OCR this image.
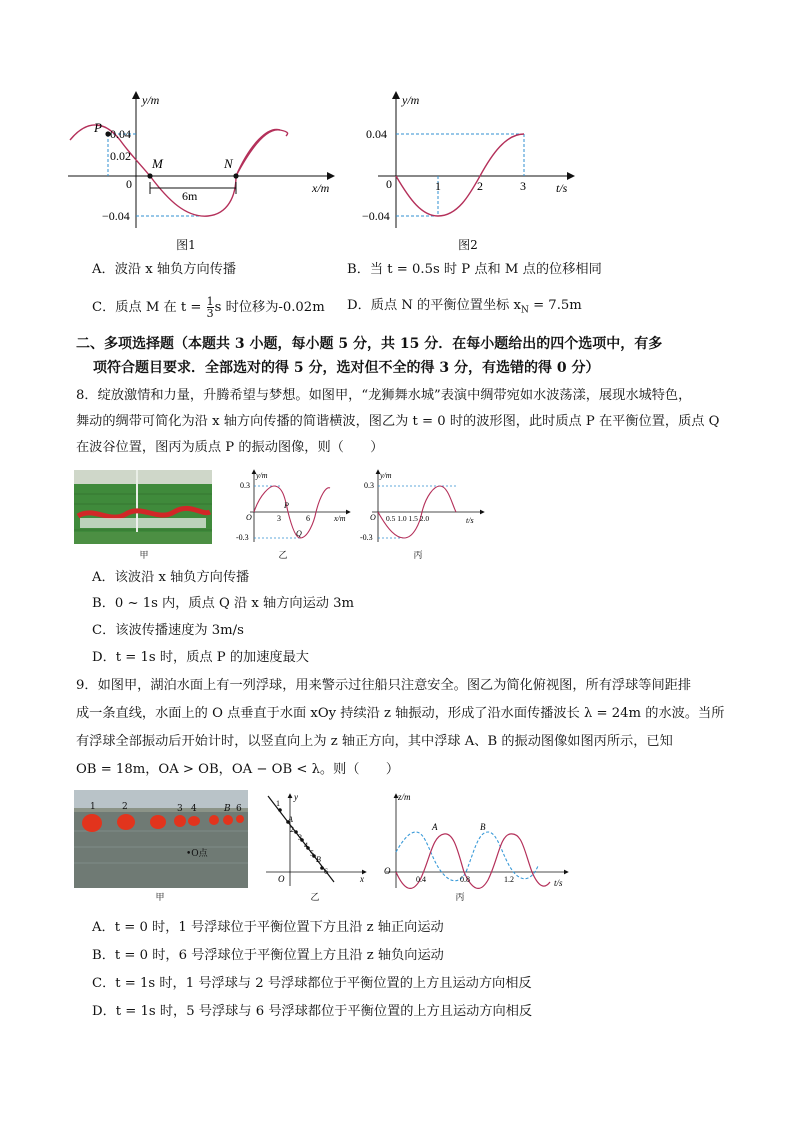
y/m
x/m
0
0.04
0.02
−0.04
P
M	N
6m
图1
y/m
t/s
0
0.04
−0.04
1	2	3
图2
A．波沿 x 轴负方向传播	B．当 t = 0.5s 时 P 点和 M 点的位移相同
C．质点 M 在 $t = \frac{1}{3}$ s 时位移为-0.02m D．质点 N 的平衡位置坐标 $x_N = 7.5m$
二、多项选择题（本题共 3 小题，每小题 5 分，共 15 分．在每小题给出的四个选项中，有多
项符合题目要求．全部选对的得 5 分，选对但不全的得 3 分，有选错的得 0 分）
8．绽放激情和力量，升腾希望与梦想。如图甲，“龙狮舞水城”表演中绸带宛如水波荡漾，展现水城特色，
舞动的绸带可简化为沿 x 轴方向传播的简谐横波，图乙为 t = 0 时的波形图，此时质点 P 在平衡位置，质点 Q
在波谷位置，图丙为质点 P 的振动图像，则（　　）
甲
y/m
x/m
0.3
-0.3
O	3	6
P
Q
乙
y/m
t/s
0.3
-0.3
O 0.5 1.0 1.5 2.0
丙
A．该波沿 x 轴负方向传播
B．0 ~ 1s 内，质点 Q 沿 x 轴方向运动 3m
C．该波传播速度为 3m/s
D．t = 1s 时，质点 P 的加速度最大
9．如图甲，湖泊水面上有一列浮球，用来警示过往船只注意安全。图乙为简化俯视图，所有浮球等间距排
成一条直线，水面上的 O 点垂直于水面 xOy 持续沿 z 轴振动，形成了沿水面传播波长 λ = 24m 的水波。当所
有浮球全部振动后开始计时，以竖直向上为 z 轴正方向，其中浮球 A、B 的振动图像如图丙所示，已知
OB = 18m，OA > OB，OA − OB < λ。则（　　）
1	2	3 4	B 6
•O点
甲
y
x
O
1
A
2
3
4
5
B
6
乙
z/m
t/s
O
A	B
0.4	0.8	1.2
丙
A．t = 0 时，1 号浮球位于平衡位置下方且沿 z 轴正向运动
B．t = 0 时，6 号浮球位于平衡位置上方且沿 z 轴负向运动
C．t = 1s 时，1 号浮球与 2 号浮球都位于平衡位置的上方且运动方向相反
D．t = 1s 时，5 号浮球与 6 号浮球都位于平衡位置的上方且运动方向相反
